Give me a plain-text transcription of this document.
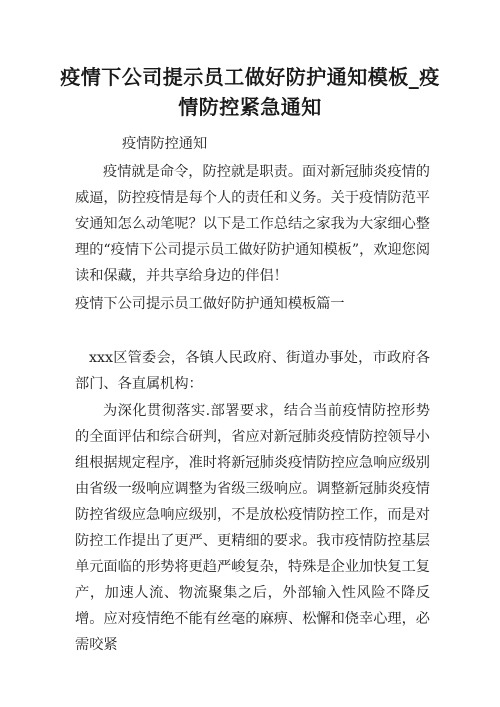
疫情下公司提示员工做好防护通知模板_疫情防控紧急通知

疫情防控通知

疫情就是命令，防控就是职责。面对新冠肺炎疫情的威逼，防控疫情是每个人的责任和义务。关于疫情防范平安通知怎么动笔呢？以下是工作总结之家我为大家细心整理的“疫情下公司提示员工做好防护通知模板”，欢迎您阅读和保藏，并共享给身边的伴侣！

疫情下公司提示员工做好防护通知模板篇一

xxx区管委会，各镇人民政府、街道办事处，市政府各部门、各直属机构：

为深化贯彻落实.部署要求，结合当前疫情防控形势的全面评估和综合研判，省应对新冠肺炎疫情防控领导小组根据规定程序，准时将新冠肺炎疫情防控应急响应级别由省级一级响应调整为省级三级响应。调整新冠肺炎疫情防控省级应急响应级别，不是放松疫情防控工作，而是对防控工作提出了更严、更精细的要求。我市疫情防控基层单元面临的形势将更趋严峻复杂，特殊是企业加快复工复产，加速人流、物流聚集之后，外部输入性风险不降反增。应对疫情绝不能有丝毫的麻痹、松懈和侥幸心理，必需咬紧
